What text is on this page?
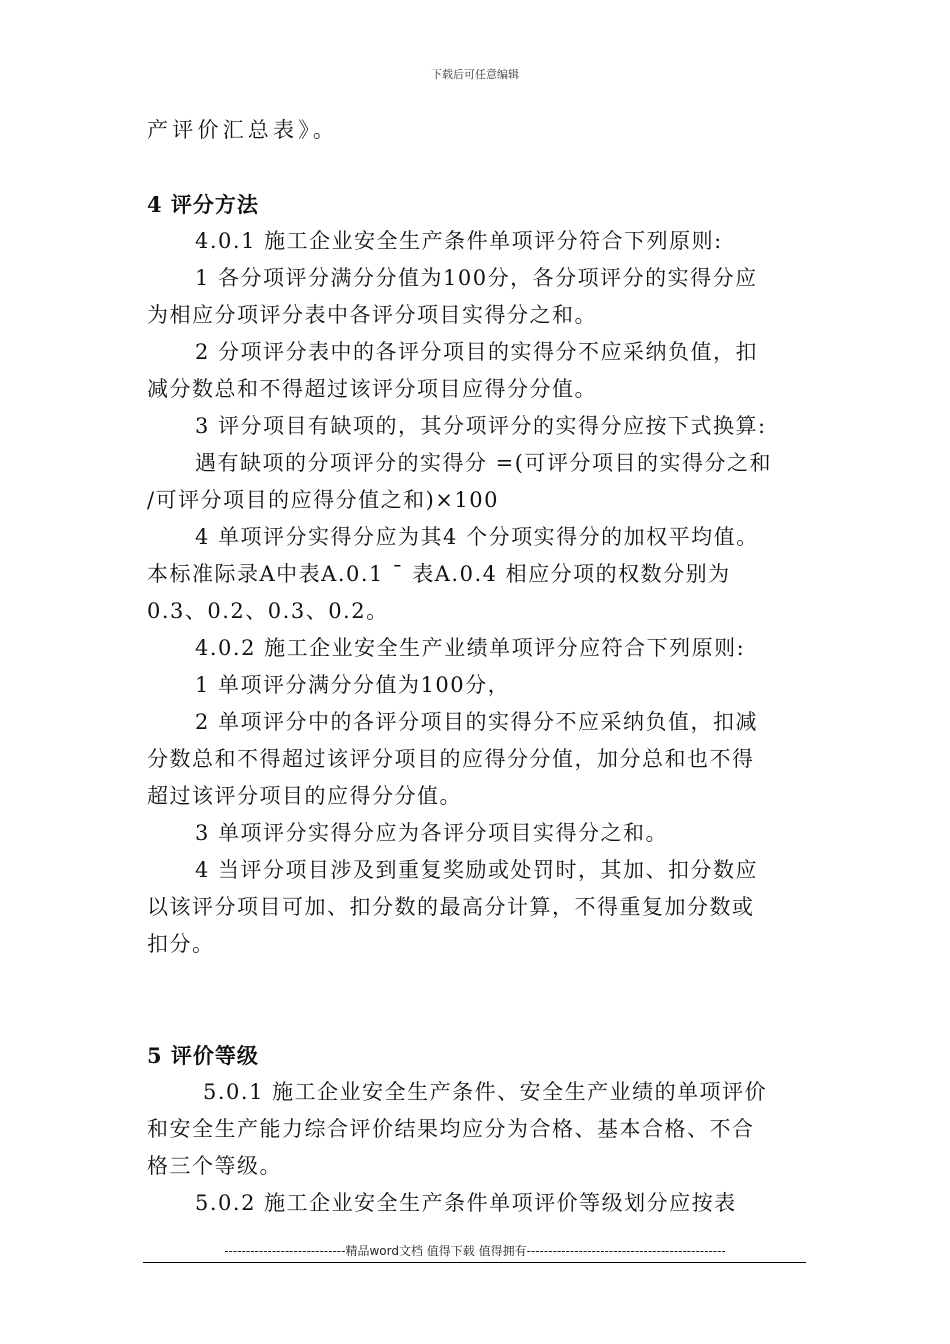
下载后可任意编辑
产评价汇总表》。
4 评分方法
4.0.1 施工企业安全生产条件单项评分符合下列原则:
1 各分项评分满分分值为100分，各分项评分的实得分应
为相应分项评分表中各评分项目实得分之和。
2 分项评分表中的各评分项目的实得分不应采纳负值，扣
减分数总和不得超过该评分项目应得分分值。
3 评分项目有缺项的，其分项评分的实得分应按下式换算:
遇有缺项的分项评分的实得分 =(可评分项目的实得分之和
/可评分项目的应得分值之和)×100
4 单项评分实得分应为其4 个分项实得分的加权平均值。
本标准际录A中表A.0.1 ¯ 表A.0.4 相应分项的权数分别为
0.3、0.2、0.3、0.2。
4.0.2 施工企业安全生产业绩单项评分应符合下列原则:
1 单项评分满分分值为100分，
2 单项评分中的各评分项目的实得分不应采纳负值，扣减
分数总和不得超过该评分项目的应得分分值，加分总和也不得
超过该评分项目的应得分分值。
3 单项评分实得分应为各评分项目实得分之和。
4 当评分项目涉及到重复奖励或处罚时，其加、扣分数应
以该评分项目可加、扣分数的最高分计算，不得重复加分数或
扣分。
5 评价等级
5.0.1 施工企业安全生产条件、安全生产业绩的单项评价
和安全生产能力综合评价结果均应分为合格、基本合格、不合
格三个等级。
5.0.2 施工企业安全生产条件单项评价等级划分应按表
----------------------------精品word文档 值得下载 值得拥有----------------------------------------------
